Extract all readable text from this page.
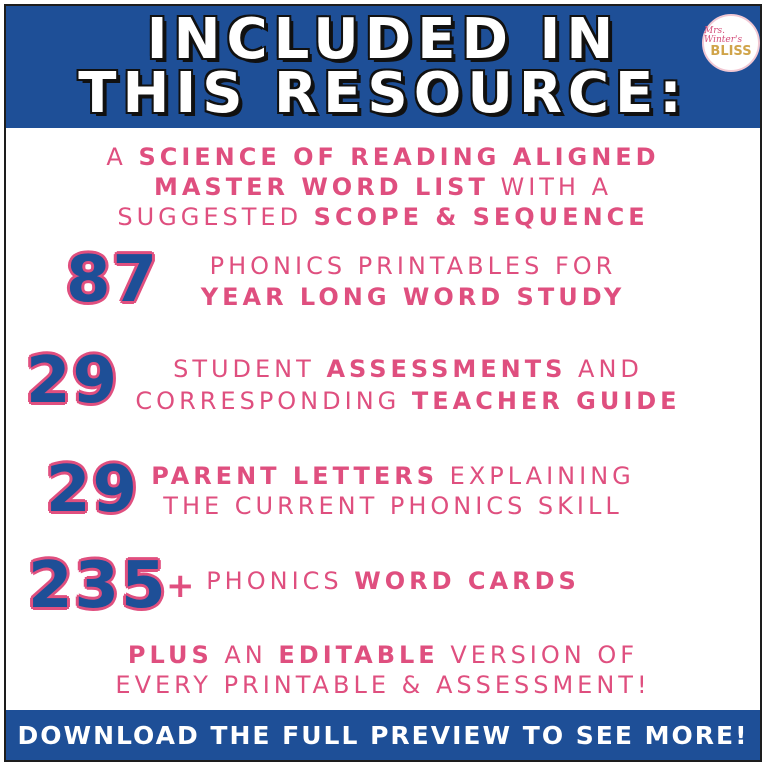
INCLUDED IN
THIS RESOURCE:
Mrs. Winter's
BLISS
A SCIENCE OF READING ALIGNED
MASTER WORD LIST WITH A
SUGGESTED SCOPE & SEQUENCE
87	PHONICS PRINTABLES FOR
YEAR LONG WORD STUDY
29	STUDENT ASSESSMENTS AND
CORRESPONDING TEACHER GUIDE
29 PARENT LETTERS EXPLAINING
THE CURRENT PHONICS SKILL
235
+ PHONICS WORD CARDS
PLUS AN EDITABLE VERSION OF
EVERY PRINTABLE & ASSESSMENT!
DOWNLOAD THE FULL PREVIEW TO SEE MORE!
